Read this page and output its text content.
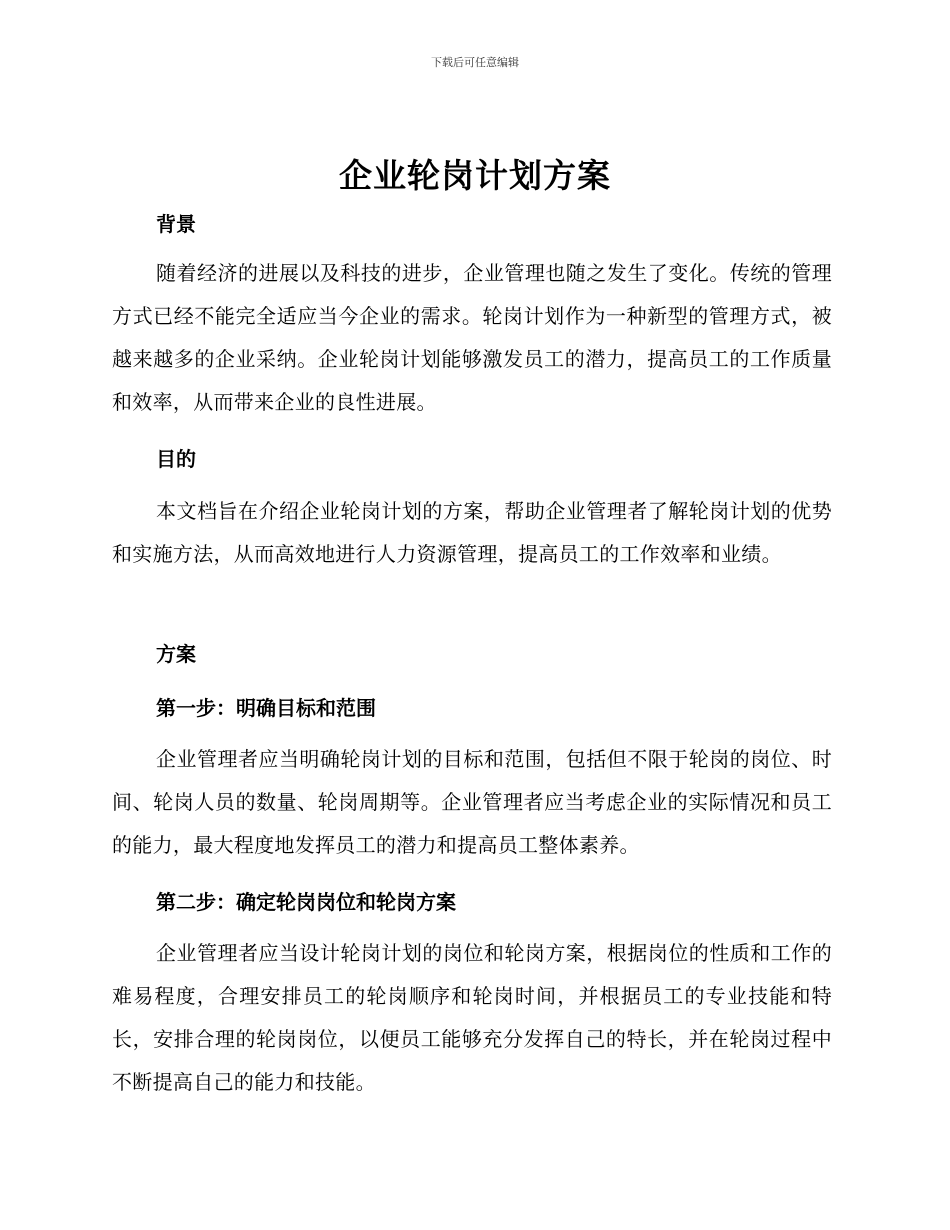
下载后可任意编辑
企业轮岗计划方案
背景
随着经济的进展以及科技的进步，企业管理也随之发生了变化。传统的管理方式已经不能完全适应当今企业的需求。轮岗计划作为一种新型的管理方式，被越来越多的企业采纳。企业轮岗计划能够激发员工的潜力，提高员工的工作质量和效率，从而带来企业的良性进展。
目的
本文档旨在介绍企业轮岗计划的方案，帮助企业管理者了解轮岗计划的优势和实施方法，从而高效地进行人力资源管理，提高员工的工作效率和业绩。
方案
第一步：明确目标和范围
企业管理者应当明确轮岗计划的目标和范围，包括但不限于轮岗的岗位、时间、轮岗人员的数量、轮岗周期等。企业管理者应当考虑企业的实际情况和员工的能力，最大程度地发挥员工的潜力和提高员工整体素养。
第二步：确定轮岗岗位和轮岗方案
企业管理者应当设计轮岗计划的岗位和轮岗方案，根据岗位的性质和工作的难易程度，合理安排员工的轮岗顺序和轮岗时间，并根据员工的专业技能和特长，安排合理的轮岗岗位，以便员工能够充分发挥自己的特长，并在轮岗过程中不断提高自己的能力和技能。
